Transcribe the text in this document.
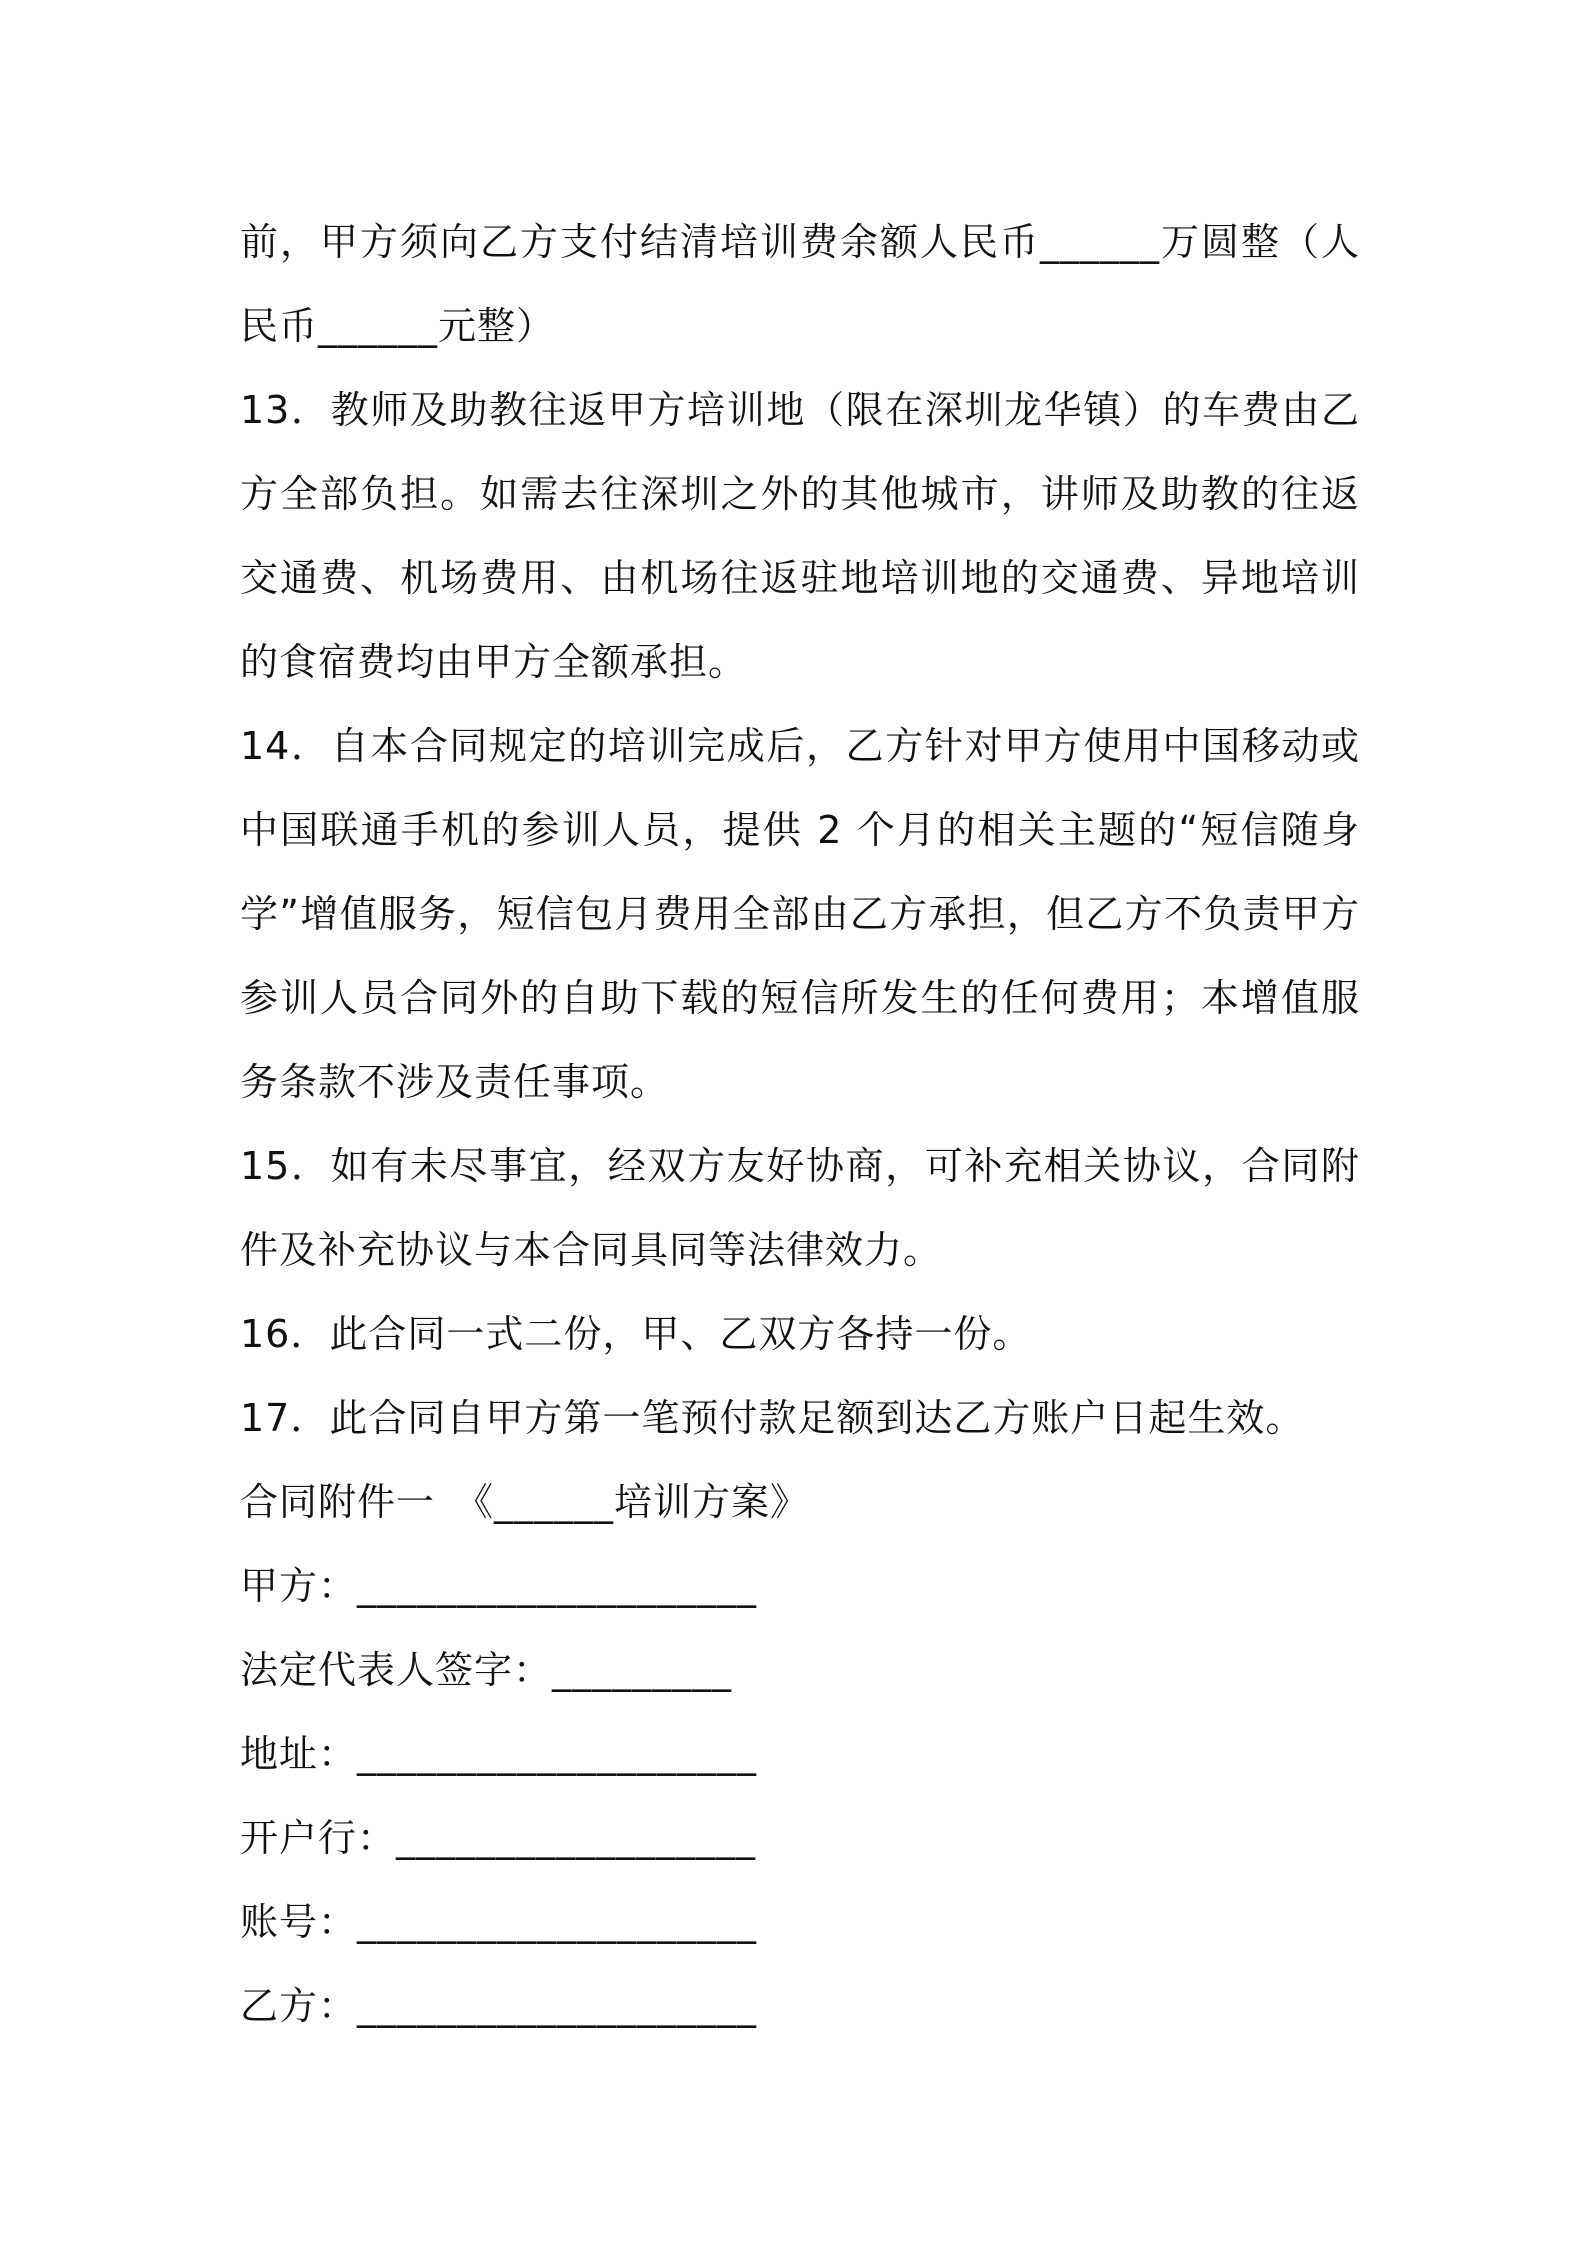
前，甲方须向乙方支付结清培训费余额人民币______万圆整（人民币______元整）

13．教师及助教往返甲方培训地（限在深圳龙华镇）的车费由乙方全部负担。如需去往深圳之外的其他城市，讲师及助教的往返交通费、机场费用、由机场往返驻地培训地的交通费、异地培训的食宿费均由甲方全额承担。

14．自本合同规定的培训完成后，乙方针对甲方使用中国移动或中国联通手机的参训人员，提供 2 个月的相关主题的“短信随身学”增值服务，短信包月费用全部由乙方承担，但乙方不负责甲方参训人员合同外的自助下载的短信所发生的任何费用；本增值服务条款不涉及责任事项。

15．如有未尽事宜，经双方友好协商，可补充相关协议，合同附件及补充协议与本合同具同等法律效力。

16．此合同一式二份，甲、乙双方各持一份。

17．此合同自甲方第一笔预付款足额到达乙方账户日起生效。

合同附件一　《______培训方案》

甲方：____________________

法定代表人签字：_________

地址：____________________

开户行：__________________

账号：____________________

乙方：____________________
